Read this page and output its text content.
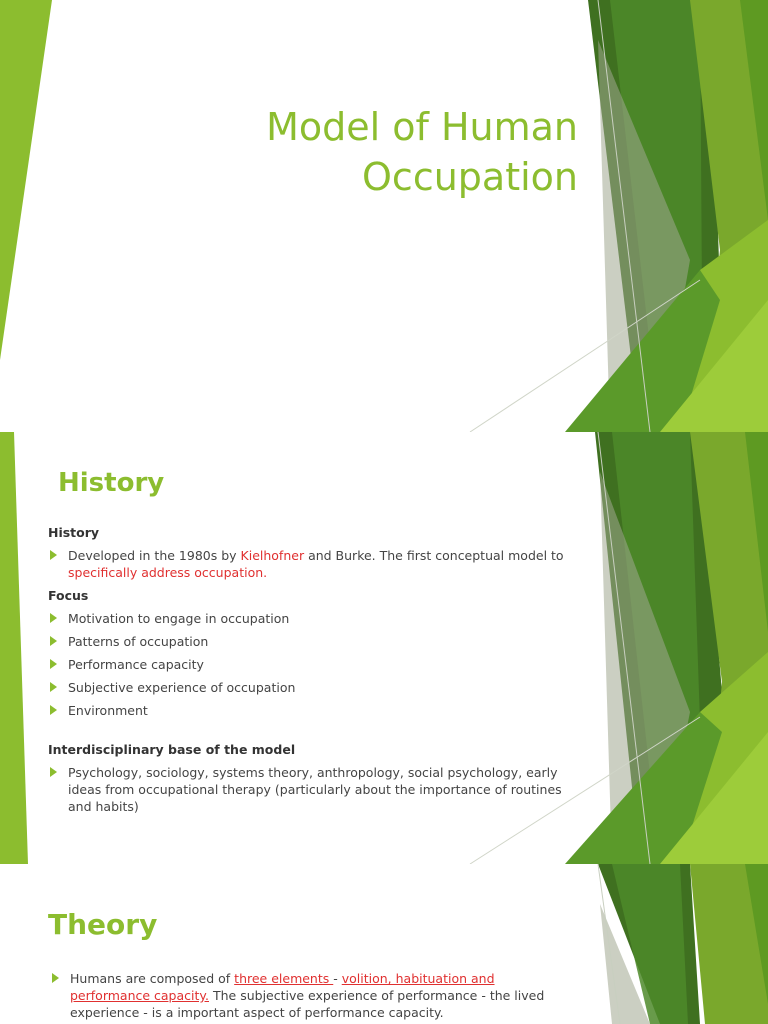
Model of Human
Occupation
History
History
Developed in the 1980s by Kielhofner and Burke. The first conceptual model to specifically address occupation.
Focus
Motivation to engage in occupation
Patterns of occupation
Performance capacity
Subjective experience of occupation
Environment
Interdisciplinary base of the model
Psychology, sociology, systems theory, anthropology, social psychology, early ideas from occupational therapy (particularly about the importance of routines and habits)
Theory
Humans are composed of three elements - volition, habituation and performance capacity. The subjective experience of performance - the lived experience - is a important aspect of performance capacity.
